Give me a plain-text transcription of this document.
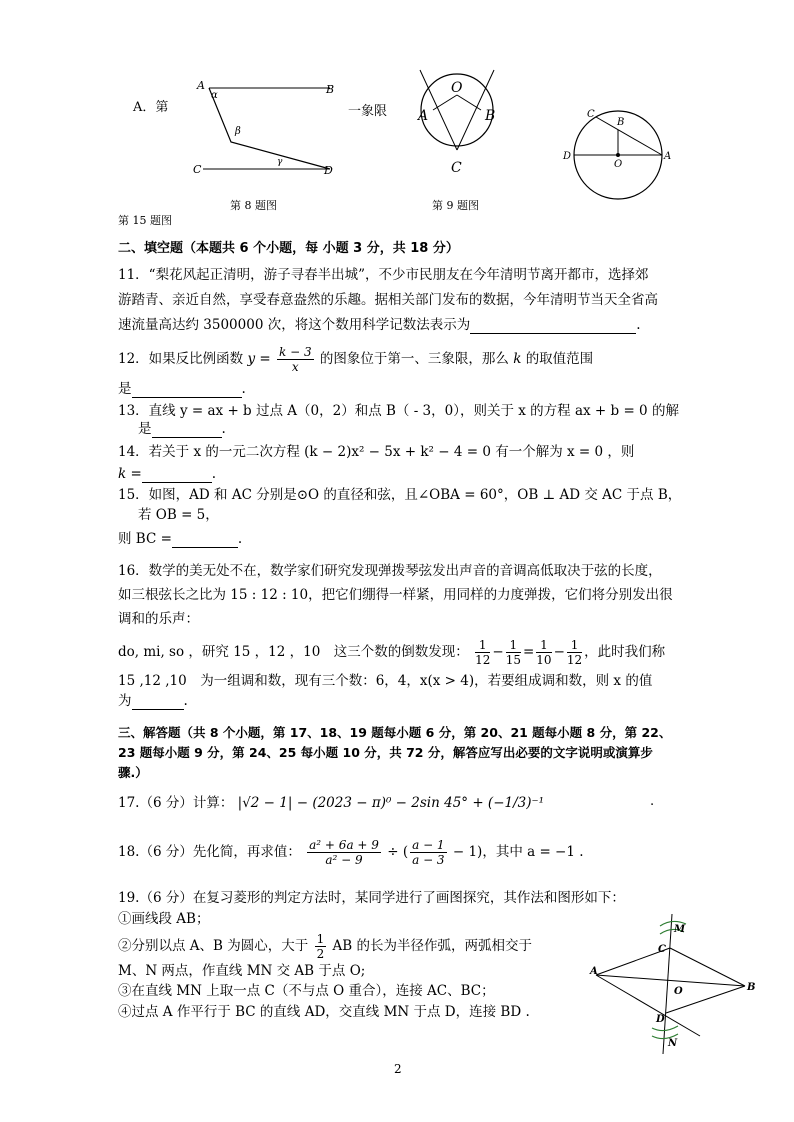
A．第	一象限
A	B
C	D
α
β
γ
第 8 题图
O
A	B
C
第 9 题图
C
B
D
O
A
第 15 题图
二、填空题（本题共 6 个小题，每 小题 3 分，共 18 分）
11．“梨花风起正清明，游子寻春半出城”，不少市民朋友在今年清明节离开都市，选择郊
游踏青、亲近自然，享受春意盎然的乐趣。据相关部门发布的数据，今年清明节当天全省高
速流量高达约 3500000 次，将这个数用科学记数法表示为	.
12．如果反比例函数 $y = \frac{k - 3}{x}$ 的图象位于第一、三象限，那么 k 的取值范围
是	.
13．直线 y = ax + b 过点 A（0，2）和点 B（ - 3，0），则关于 x 的方程 ax + b = 0 的解
是	.
14．若关于 x 的一元二次方程 (k − 2)x² − 5x + k² − 4 = 0 有一个解为 x = 0 ，则
k =	.
15．如图，AD 和 AC 分别是⊙O 的直径和弦，且∠OBA = 60°，OB ⊥ AD 交 AC 于点 B，
若 OB = 5，
则 BC =	.
16．数学的美无处不在，数学家们研究发现弹拨琴弦发出声音的音调高低取决于弦的长度，
如三根弦长之比为 15 : 12 : 10，把它们绷得一样紧，用同样的力度弹拨，它们将分别发出很
调和的乐声：
do, mi, so ，研究 15 ，12 ，10　这三个数的倒数发现： $\frac{1}{12} - \frac{1}{15} = \frac{1}{10} - \frac{1}{12}$ ，此时我们称
15 ,12 ,10　为一组调和数，现有三个数：6，4，x(x > 4)，若要组成调和数，则 x 的值
为	.
三、解答题（共 8 个小题，第 17、18、19 题每小题 6 分，第 20、21 题每小题 8 分，第 22、
23 题每小题 9 分，第 24、25 每小题 10 分，共 72 分，解答应写出必要的文字说明或演算步
骤.）
17.（6 分）计算： |√2 − 1| − (2023 − π)⁰ − 2sin 45° + (−1/3)⁻¹	.
18.（6 分）先化简，再求值： $\frac{\text{a² + 6a + 9}}{\text{a² − 9}}$ ÷ ( $\frac{a - 1}{a - 3} - 1$)，其中 a = −1 .
19.（6 分）在复习菱形的判定方法时，某同学进行了画图探究，其作法和图形如下：
①画线段 AB；
②分别以点 A、B 为圆心，大于 $\frac{1}{2}$ AB 的长为半径作弧，两弧相交于
M、N 两点，作直线 MN 交 AB 于点 O;
③在直线 MN 上取一点 C（不与点 O 重合），连接 AC、BC；
④过点 A 作平行于 BC 的直线 AD，交直线 MN 于点 D，连接 BD .
M
C
A
O	B
D
N
2
